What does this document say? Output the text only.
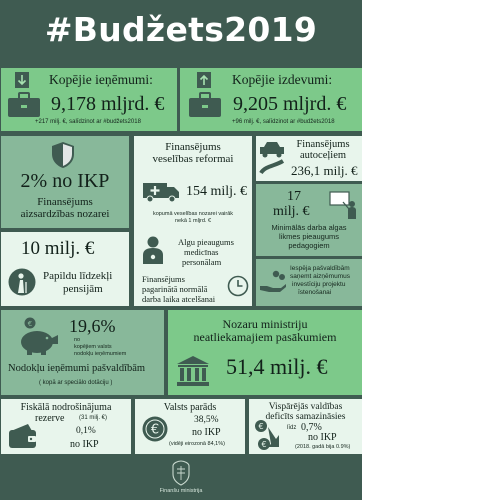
#Budžets2019
Kopējie ieņēmumi:
9,178 mljrd. €
+217 milj. €, salīdzinot ar #budžets2018
Kopējie izdevumi:
9,205 mljrd. €
+96 milj. €, salīdzinot ar #budžets2018
2% no IKP
Finansējums
aizsardzības nozarei
Finansējums
veselības reformai
154 milj. €
kopumā veselības nozarei vairāk
nekā 1 mljrd. €
Algu pieaugums
medicīnas
personālam
Finansējums
pagarinātā normālā
darba laika atcelšanai
Finansējums
autoceļiem
236,1 milj. €
17
milj. €
Minimālās darba algas
likmes pieaugums
pedagogiem
Iespēja pašvaldībām
saņemt aizņēmumus
investīciju projektu
īstenošanai
10 milj. €
Papildu līdzekļi
pensijām
€ 19,6%
no
kopējiem valsts
nodokļu ieņēmumiem
Nodokļu ieņēmumi pašvaldībām
( kopā ar speciālo dotāciju )
Nozaru ministriju
neatliekamajiem pasākumiem
51,4 milj. €
Fiskālā nodrošinājuma
rezerve (31 milj. €)
0,1%
no IKP
Valsts parāds
€
38,5%
no IKP
(vidēji eirozonā 84,1%)
Vispārējās valdības
deficīts samazināsies
€
€
līdz 0,7%
no IKP
(2018. gadā bija 0.9%)
Finanšu ministrija
